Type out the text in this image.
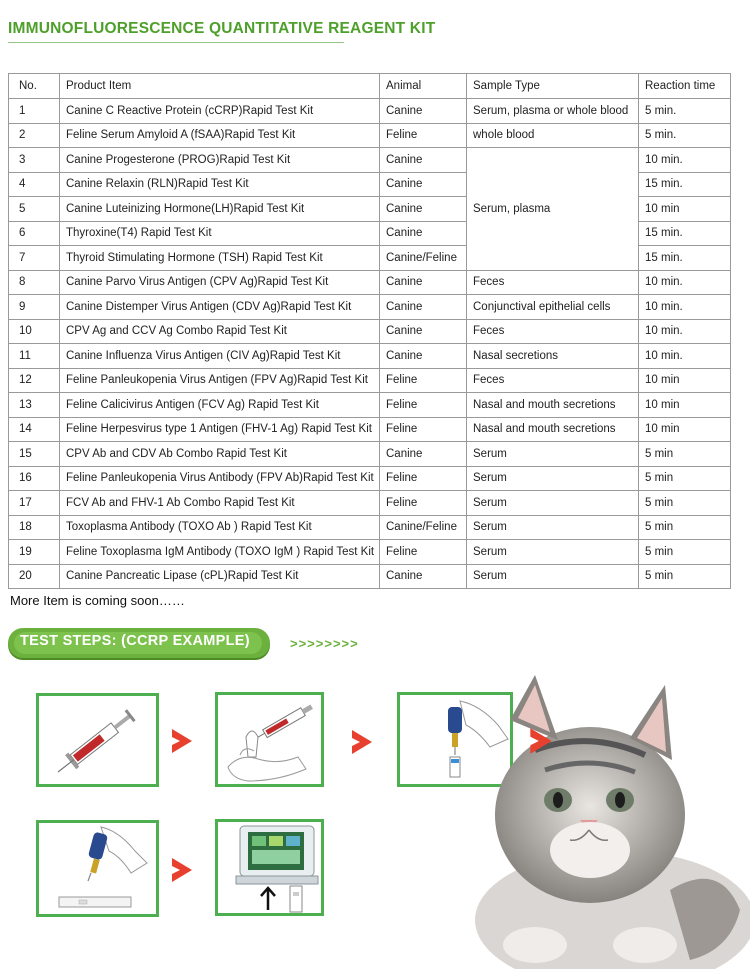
IMMUNOFLUORESCENCE QUANTITATIVE REAGENT KIT
No.	Product Item	Animal	Sample Type	Reaction time
1	Canine C Reactive Protein (cCRP)Rapid Test Kit	Canine	Serum, plasma or whole blood	5 min.
2	Feline Serum Amyloid A (fSAA)Rapid Test Kit	Feline	whole blood	5 min.
3	Canine Progesterone (PROG)Rapid Test Kit	Canine	Serum, plasma	10 min.
4	Canine Relaxin (RLN)Rapid Test Kit	Canine		15 min.
5	Canine Luteinizing Hormone(LH)Rapid Test Kit	Canine		10 min
6	Thyroxine(T4) Rapid Test Kit	Canine		15 min.
7	Thyroid Stimulating Hormone (TSH) Rapid Test Kit	Canine/Feline		15 min.
8	Canine Parvo Virus Antigen (CPV Ag)Rapid Test Kit	Canine	Feces	10 min.
9	Canine Distemper Virus Antigen (CDV Ag)Rapid Test Kit	Canine	Conjunctival epithelial cells	10 min.
10	CPV Ag and CCV Ag Combo Rapid Test Kit	Canine	Feces	10 min.
11	Canine Influenza Virus Antigen (CIV Ag)Rapid Test Kit	Canine	Nasal secretions	10 min.
12	Feline Panleukopenia Virus Antigen (FPV Ag)Rapid Test Kit	Feline	Feces	10 min
13	Feline Calicivirus Antigen (FCV Ag) Rapid Test Kit	Feline	Nasal and mouth secretions	10 min
14	Feline Herpesvirus type 1 Antigen (FHV-1 Ag) Rapid Test Kit	Feline	Nasal and mouth secretions	10 min
15	CPV Ab and CDV Ab Combo Rapid Test Kit	Canine	Serum	5 min
16	Feline Panleukopenia Virus Antibody (FPV Ab)Rapid Test Kit	Feline	Serum	5 min
17	FCV Ab and FHV-1 Ab Combo Rapid Test Kit	Feline	Serum	5 min
18	Toxoplasma Antibody (TOXO Ab ) Rapid Test Kit	Canine/Feline	Serum	5 min
19	Feline Toxoplasma IgM Antibody (TOXO IgM ) Rapid Test Kit	Feline	Serum	5 min
20	Canine Pancreatic Lipase (cPL)Rapid Test Kit	Canine	Serum	5 min
More Item is coming soon……
TEST STEPS: (CCRP EXAMPLE)	>>>>>>>>
